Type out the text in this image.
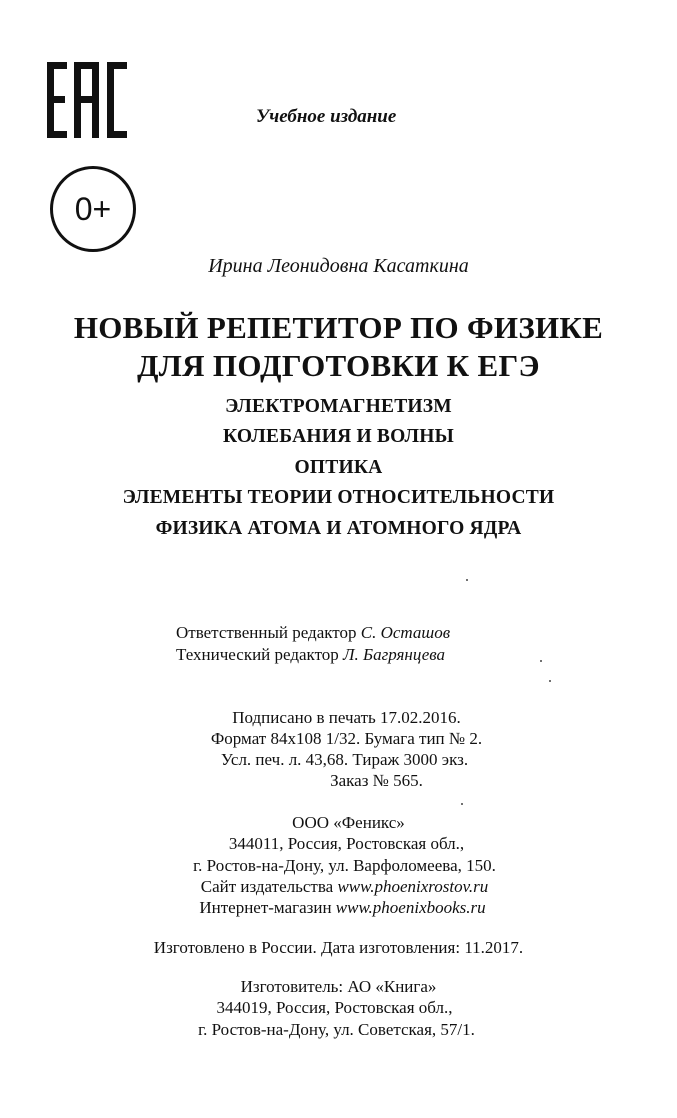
0+
Учебное издание
Ирина Леонидовна Касаткина
НОВЫЙ РЕПЕТИТОР ПО ФИЗИКЕ
ДЛЯ ПОДГОТОВКИ К ЕГЭ
ЭЛЕКТРОМАГНЕТИЗМ
КОЛЕБАНИЯ И ВОЛНЫ
ОПТИКА
ЭЛЕМЕНТЫ ТЕОРИИ ОТНОСИТЕЛЬНОСТИ
ФИЗИКА АТОМА И АТОМНОГО ЯДРА
Ответственный редактор С. Осташов
Технический редактор Л. Багрянцева
Подписано в печать 17.02.2016.
Формат 84x108 1/32. Бумага тип № 2.
Усл. печ. л. 43,68. Тираж 3000 экз.
Заказ № 565.
ООО «Феникс»
344011, Россия, Ростовская обл.,
г. Ростов-на-Дону, ул. Варфоломеева, 150.
Сайт издательства www.phoenixrostov.ru
Интернет-магазин www.phoenixbooks.ru
Изготовлено в России. Дата изготовления: 11.2017.
Изготовитель: АО «Книга»
344019, Россия, Ростовская обл.,
г. Ростов-на-Дону, ул. Советская, 57/1.
